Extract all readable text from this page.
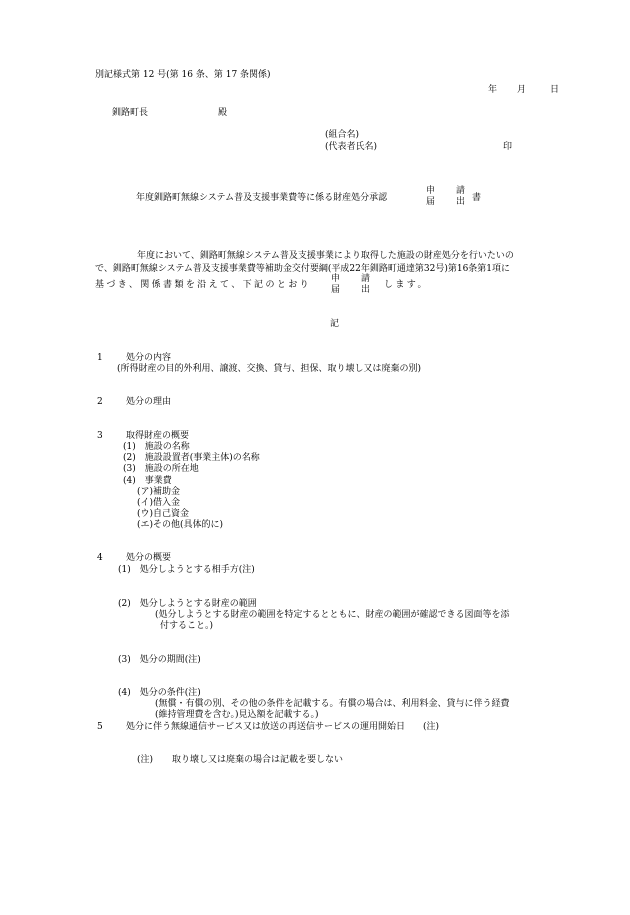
別記様式第 12 号(第 16 条、第 17 条関係)
年 月	日
釧路町長	殿
(組合名)
(代表者氏名)	印
年度釧路町無線システム普及支援事業費等に係る財産処分承認
申
届
請
出 書
年度において、釧路町無線システム普及支援事業により取得した施設の財産処分を行いたいの
で、釧路町無線システム普及支援事業費等補助金交付要綱(平成22年釧路町通達第32号)第16条第1項に
基づき、関係書類を沿えて、下記のとおり
申
届
請
出 します。
記
1	処分の内容
(所得財産の目的外利用、譲渡、交換、貸与、担保、取り壊し又は廃棄の別)
2	処分の理由
3	取得財産の概要
(1)　施設の名称
(2)　施設設置者(事業主体)の名称
(3)　施設の所在地
(4)　事業費
(ア)補助金
(イ)借入金
(ウ)自己資金
(エ)その他(具体的に)
4	処分の概要
(1)　処分しようとする相手方(注)
(2)　処分しようとする財産の範囲
(処分しようとする財産の範囲を特定するとともに、財産の範囲が確認できる図面等を添
付すること。)
(3)　処分の期間(注)
(4)　処分の条件(注)
(無償・有償の別、その他の条件を記載する。有償の場合は、利用料金、貸与に伴う経費
(維持管理費を含む。)見込額を記載する。)
5	処分に伴う無線通信サービス又は放送の再送信サービスの運用開始日　　(注)
(注) 取り壊し又は廃棄の場合は記載を要しない
